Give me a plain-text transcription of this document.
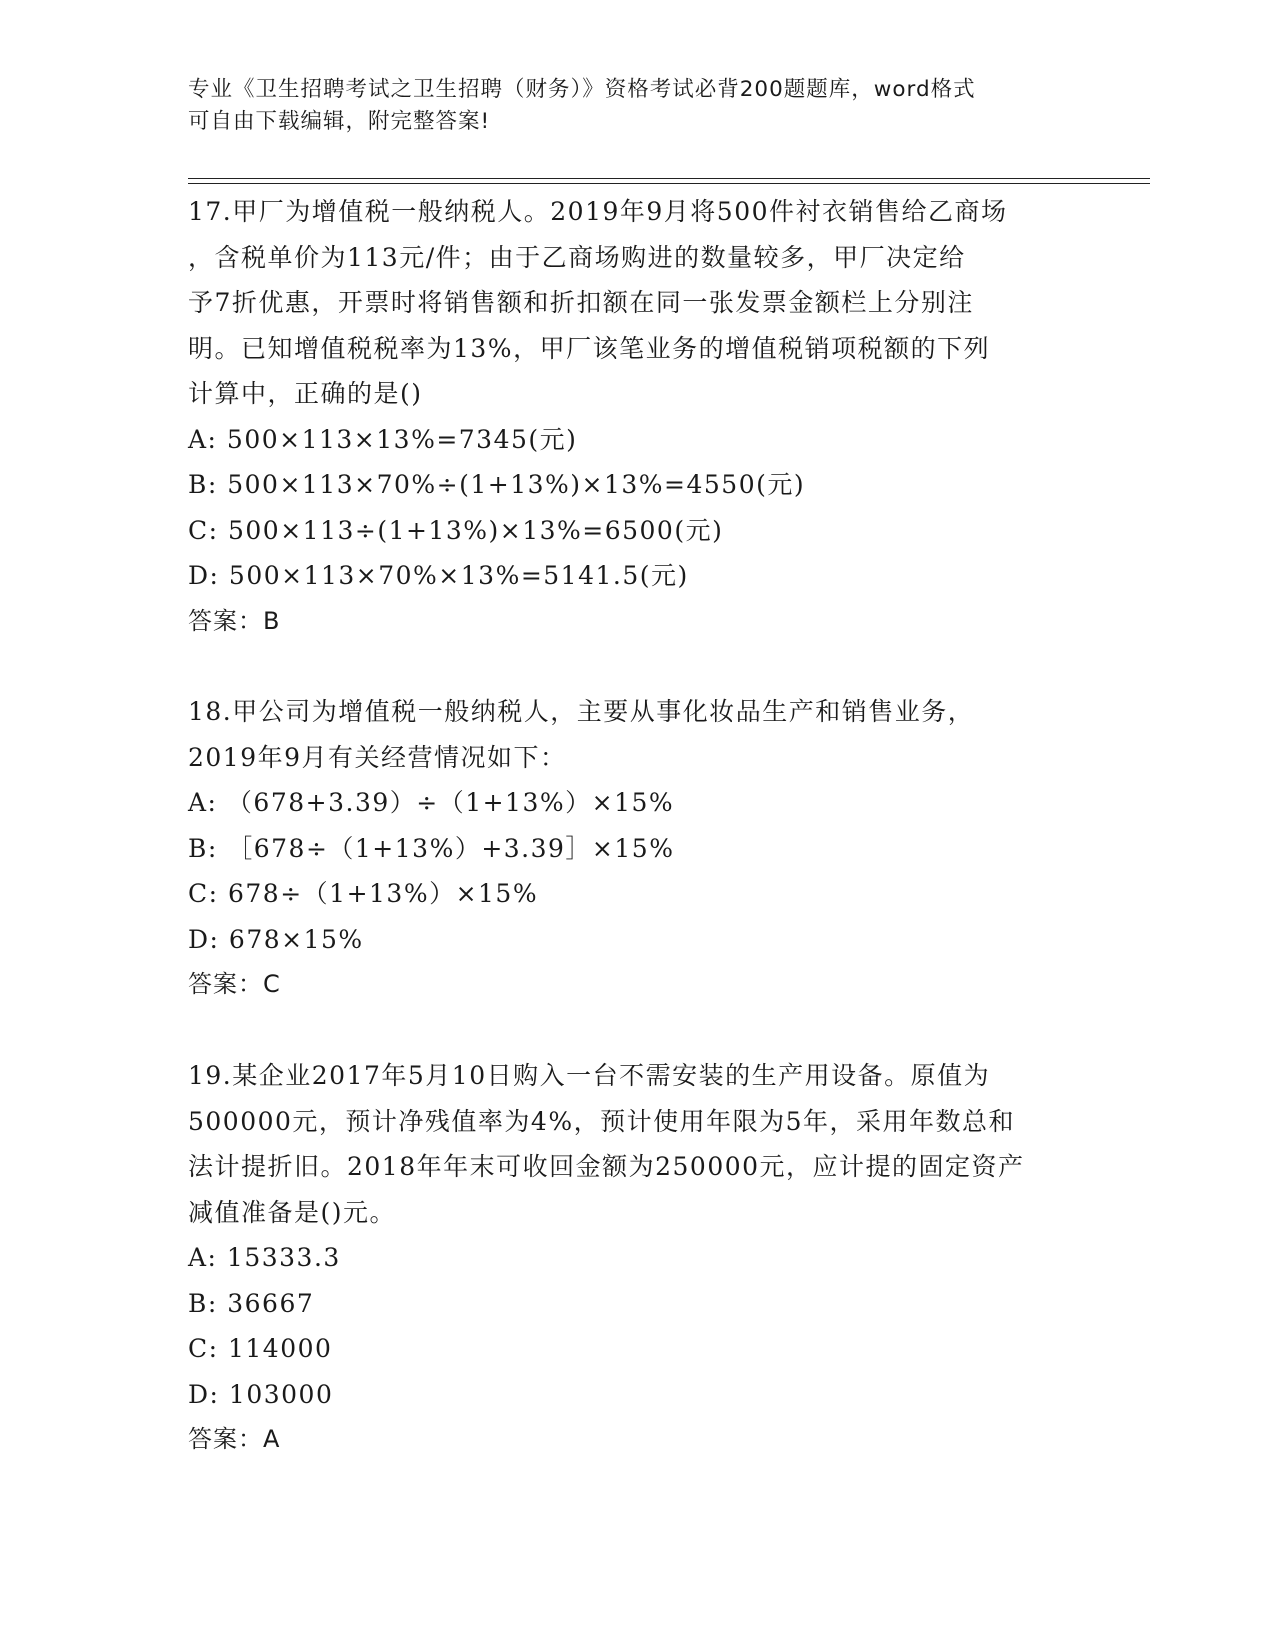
专业《卫生招聘考试之卫生招聘（财务）》资格考试必背200题题库，word格式
可自由下载编辑，附完整答案!
17.甲厂为增值税一般纳税人。2019年9月将500件衬衣销售给乙商场
，含税单价为113元/件；由于乙商场购进的数量较多，甲厂决定给
予7折优惠，开票时将销售额和折扣额在同一张发票金额栏上分别注
明。已知增值税税率为13%，甲厂该笔业务的增值税销项税额的下列
计算中，正确的是()
A: 500×113×13%=7345(元)
B: 500×113×70%÷(1+13%)×13%=4550(元)
C: 500×113÷(1+13%)×13%=6500(元)
D: 500×113×70%×13%=5141.5(元)
答案：B
18.甲公司为增值税一般纳税人，主要从事化妆品生产和销售业务，
2019年9月有关经营情况如下：
A: （678+3.39）÷（1+13%）×15%
B: ［678÷（1+13%）+3.39］×15%
C: 678÷（1+13%）×15%
D: 678×15%
答案：C
19.某企业2017年5月10日购入一台不需安装的生产用设备。原值为
500000元，预计净残值率为4%，预计使用年限为5年，采用年数总和
法计提折旧。2018年年末可收回金额为250000元，应计提的固定资产
减值准备是()元。
A: 15333.3
B: 36667
C: 114000
D: 103000
答案：A
